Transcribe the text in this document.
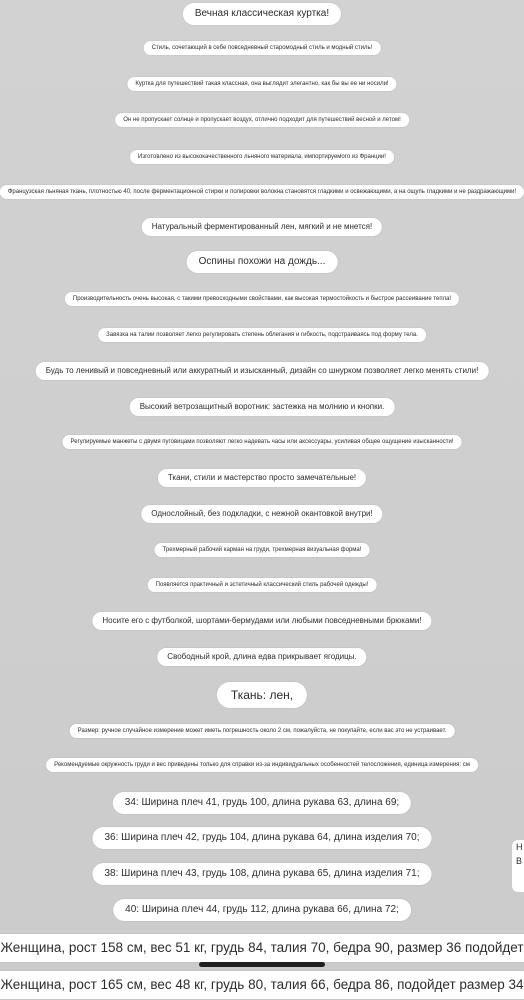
Вечная классическая куртка!
Стиль, сочетающий в себе повседневный старомодный стиль и модный стиль!
Куртка для путешествий такая классная, она выглядит элегантно, как бы вы ее ни носили!
Он не пропускает солнце и пропускает воздух, отлично подходит для путешествий весной и летом!
Изготовлено из высококачественного льняного материала, импортируемого из Франции!
Французская льняная ткань, плотностью 40, после ферментационной стирки и полировки волокна становятся гладкими и освежающими, а на ощупь гладкими и не раздражающими!
Натуральный ферментированный лен, мягкий и не мнется!
Оспины похожи на дождь...
Производительность очень высокая, с такими превосходными свойствами, как высокая термостойкость и быстрое рассеивание тепла!
Завязка на талии позволяет легко регулировать степень облегания и гибкость, подстраиваясь под форму тела.
Будь то ленивый и повседневный или аккуратный и изысканный, дизайн со шнурком позволяет легко менять стили!
Высокий ветрозащитный воротник: застежка на молнию и кнопки.
Регулируемые манжеты с двумя пуговицами позволяют легко надевать часы или аксессуары, усиливая общее ощущение изысканности!
Ткани, стили и мастерство просто замечательные!
Однослойный, без подкладки, с нежной окантовкой внутри!
Трехмерный рабочий карман на груди, трехмерная визуальная форма!
Появляется практичный и эстетичный классический стиль рабочей одежды!
Носите его с футболкой, шортами-бермудами или любыми повседневными брюками!
Свободный крой, длина едва прикрывает ягодицы.
Ткань: лен,
Размер: ручное случайное измерение может иметь погрешность около 2 см, пожалуйста, не покупайте, если вас это не устраивает.
Рекомендуемые окружность груди и вес приведены только для справки из-за индивидуальных особенностей телосложения, единица измерения: см
34: Ширина плеч 41, грудь 100, длина рукава 63, длина 69;
36: Ширина плеч 42, грудь 104, длина рукава 64, длина изделия 70;
38: Ширина плеч 43, грудь 108, длина рукава 65, длина изделия 71;
40: Ширина плеч 44, грудь 112, длина рукава 66, длина 72;
Женщина, рост 158 см, вес 51 кг, грудь 84, талия 70, бедра 90, размер 36 подойдет
Женщина, рост 165 см, вес 48 кг, грудь 80, талия 66, бедра 86, подойдет размер 34
Н
В
